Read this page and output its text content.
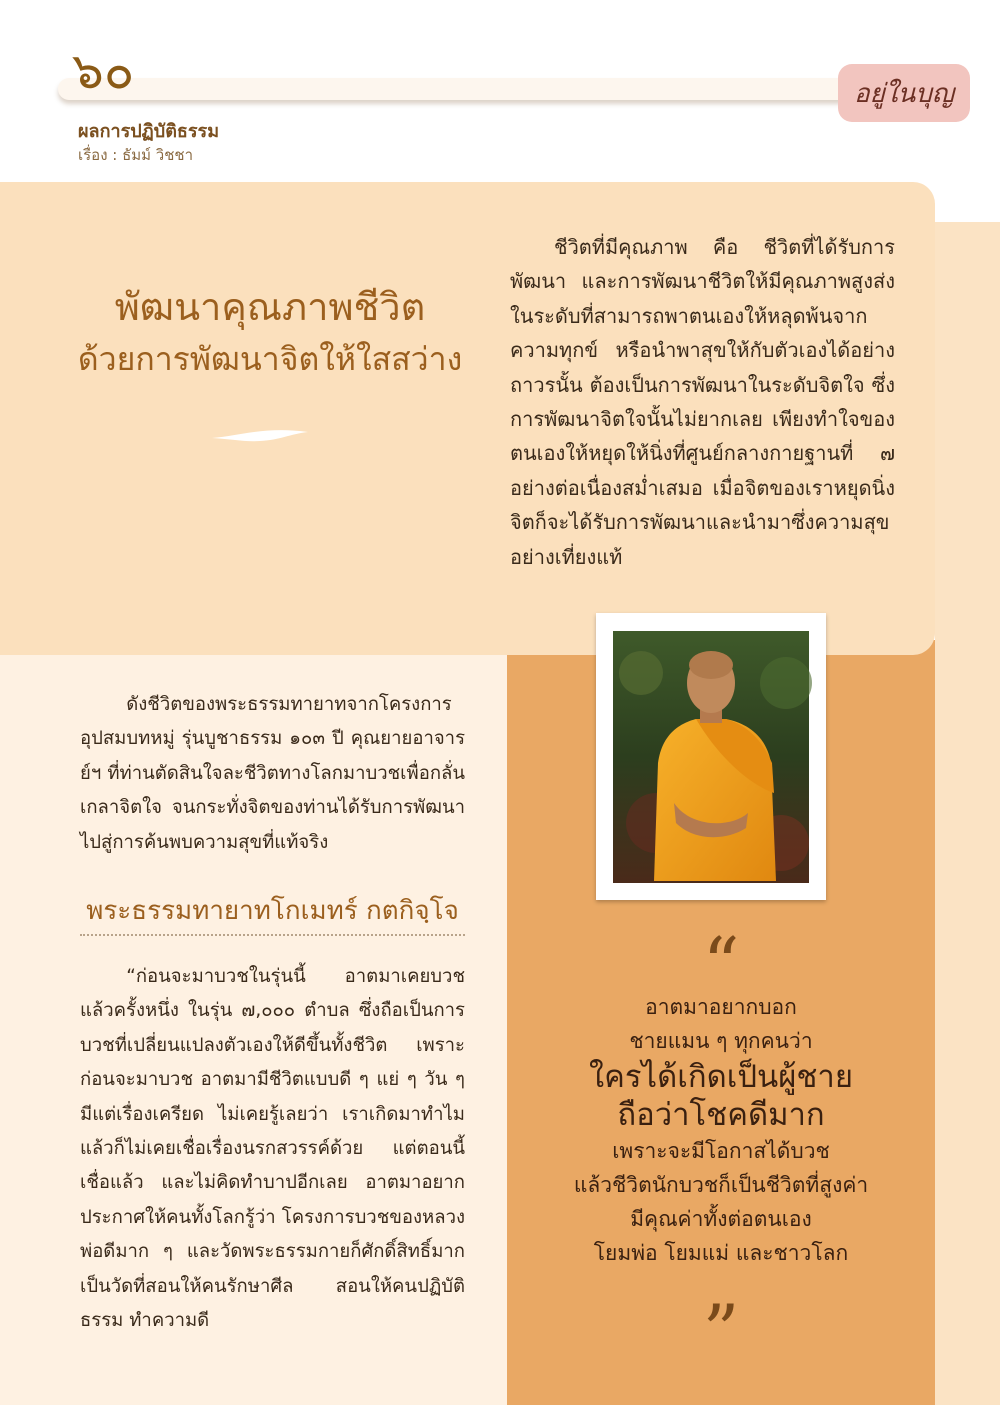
๖๐	อยู่ในบุญ
ผลการปฏิบัติธรรม
เรื่อง : ธัมม์ วิชชา
พัฒนาคุณภาพชีวิต
ด้วยการพัฒนาจิตให้ใสสว่าง
ชีวิตที่มีคุณภาพ คือ ชีวิตที่ได้รับการพัฒนา และการพัฒนาชีวิตให้มีคุณภาพสูงส่งในระดับที่สามารถพาตนเองให้หลุดพ้นจากความทุกข์ หรือนำพาสุขให้กับตัวเองได้อย่างถาวรนั้น ต้องเป็นการพัฒนาในระดับจิตใจ ซึ่งการพัฒนาจิตใจนั้นไม่ยากเลย เพียงทำใจของตนเองให้หยุดให้นิ่งที่ศูนย์กลางกายฐานที่ ๗ อย่างต่อเนื่องสม่ำเสมอ เมื่อจิตของเราหยุดนิ่ง จิตก็จะได้รับการพัฒนาและนำมาซึ่งความสุขอย่างเที่ยงแท้
ดังชีวิตของพระธรรมทายาทจากโครงการอุปสมบทหมู่ รุ่นบูชาธรรม ๑๐๓ ปี คุณยายอาจารย์ฯ ที่ท่านตัดสินใจละชีวิตทางโลกมาบวชเพื่อกลั่นเกลาจิตใจ จนกระทั่งจิตของท่านได้รับการพัฒนาไปสู่การค้นพบความสุขที่แท้จริง
พระธรรมทายาทโกเมทร์ กตกิจฺโจ
“ก่อนจะมาบวชในรุ่นนี้ อาตมาเคยบวชแล้วครั้งหนึ่ง ในรุ่น ๗,๐๐๐ ตำบล ซึ่งถือเป็นการบวชที่เปลี่ยนแปลงตัวเองให้ดีขึ้นทั้งชีวิต เพราะก่อนจะมาบวช อาตมามีชีวิตแบบดี ๆ แย่ ๆ วัน ๆ มีแต่เรื่องเครียด ไม่เคยรู้เลยว่า เราเกิดมาทำไม แล้วก็ไม่เคยเชื่อเรื่องนรกสวรรค์ด้วย แต่ตอนนี้เชื่อแล้ว และไม่คิดทำบาปอีกเลย อาตมาอยากประกาศให้คนทั้งโลกรู้ว่า โครงการบวชของหลวงพ่อดีมาก ๆ และวัดพระธรรมกายก็ศักดิ์สิทธิ์มาก เป็นวัดที่สอนให้คนรักษาศีล สอนให้คนปฏิบัติธรรม ทำความดี
“
อาตมาอยากบอก
ชายแมน ๆ ทุกคนว่า
ใครได้เกิดเป็นผู้ชาย
ถือว่าโชคดีมาก
เพราะจะมีโอกาสได้บวช
แล้วชีวิตนักบวชก็เป็นชีวิตที่สูงค่า
มีคุณค่าทั้งต่อตนเอง
โยมพ่อ โยมแม่ และชาวโลก
”
